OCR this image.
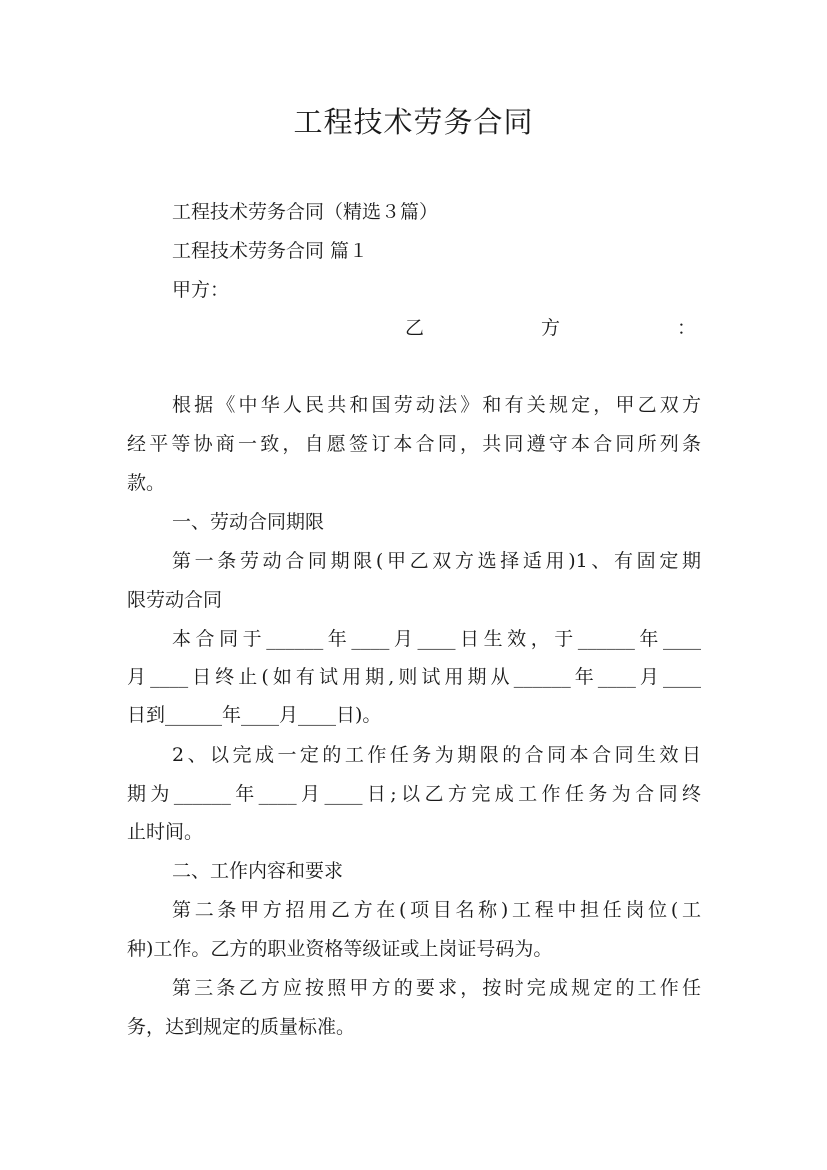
工程技术劳务合同

工程技术劳务合同（精选３篇）

工程技术劳务合同 篇１

甲方：

乙	方	：

根据《中华人民共和国劳动法》和有关规定，甲乙双方

经平等协商一致，自愿签订本合同，共同遵守本合同所列条

款。

一、劳动合同期限

第一条劳动合同期限(甲乙双方选择适用)1、有固定期

限劳动合同

本合同于______年____月____日生效，于______年____

月____日终止(如有试用期,则试用期从______年____月____

日到______年____月____日)。

2、以完成一定的工作任务为期限的合同本合同生效日

期为______年____月____日;以乙方完成工作任务为合同终

止时间。

二、工作内容和要求

第二条甲方招用乙方在(项目名称)工程中担任岗位(工

种)工作。乙方的职业资格等级证或上岗证号码为。

第三条乙方应按照甲方的要求，按时完成规定的工作任

务，达到规定的质量标准。
